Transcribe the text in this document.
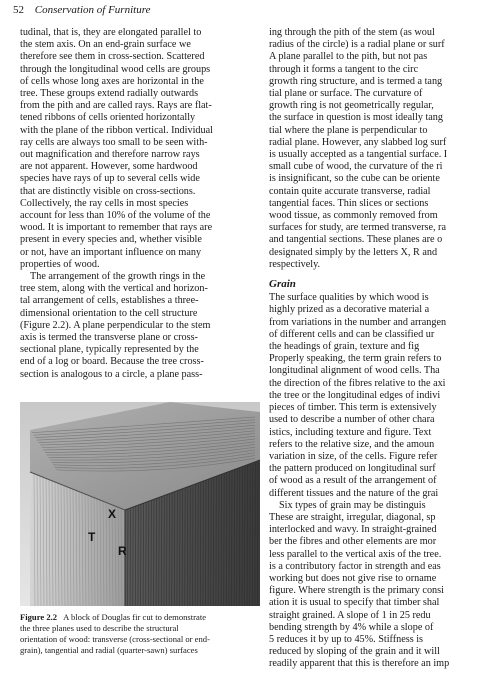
52 Conservation of Furniture

tudinal, that is, they are elongated parallel to

the stem axis. On an end-grain surface we

therefore see them in cross-section. Scattered

through the longitudinal wood cells are groups

of cells whose long axes are horizontal in the

tree. These groups extend radially outwards

from the pith and are called rays. Rays are flat-

tened ribbons of cells oriented horizontally

with the plane of the ribbon vertical. Individual

ray cells are always too small to be seen with-

out magnification and therefore narrow rays

are not apparent. However, some hardwood

species have rays of up to several cells wide

that are distinctly visible on cross-sections.

Collectively, the ray cells in most species

account for less than 10% of the volume of the

wood. It is important to remember that rays are

present in every species and, whether visible

or not, have an important influence on many

properties of wood.

The arrangement of the growth rings in the

tree stem, along with the vertical and horizon-

tal arrangement of cells, establishes a three-

dimensional orientation to the cell structure

(Figure 2.2). A plane perpendicular to the stem

axis is termed the transverse plane or cross-

sectional plane, typically represented by the

end of a log or board. Because the tree cross-

section is analogous to a circle, a plane pass-

ing through the pith of the stem (as woul

radius of the circle) is a radial plane or surf

A plane parallel to the pith, but not pas

through it forms a tangent to the circ

growth ring structure, and is termed a tang

tial plane or surface. The curvature of

growth ring is not geometrically regular,

the surface in question is most ideally tang

tial where the plane is perpendicular to

radial plane. However, any slabbed log surf

is usually accepted as a tangential surface. I

small cube of wood, the curvature of the ri

is insignificant, so the cube can be oriente

contain quite accurate transverse, radial

tangential faces. Thin slices or sections

wood tissue, as commonly removed from

surfaces for study, are termed transverse, ra

and tangential sections. These planes are o

designated simply by the letters X, R and

respectively.

Grain

The surface qualities by which wood is

highly prized as a decorative material a

from variations in the number and arrangen

of different cells and can be classified ur

the headings of grain, texture and fig

Properly speaking, the term grain refers to

longitudinal alignment of wood cells. Tha

the direction of the fibres relative to the axi

the tree or the longitudinal edges of indivi

pieces of timber. This term is extensively

used to describe a number of other chara

istics, including texture and figure. Text

refers to the relative size, and the amoun

variation in size, of the cells. Figure refer

the pattern produced on longitudinal surf

of wood as a result of the arrangement of

different tissues and the nature of the grai

Six types of grain may be distinguis

These are straight, irregular, diagonal, sp

interlocked and wavy. In straight-grained

ber the fibres and other elements are mor

less parallel to the vertical axis of the tree.

is a contributory factor in strength and eas

working but does not give rise to orname

figure. Where strength is the primary consi

ation it is usual to specify that timber shal

straight grained. A slope of 1 in 25 redu

bending strength by 4% while a slope of

5 reduces it by up to 45%. Stiffness is

reduced by sloping of the grain and it will

readily apparent that this is therefore an imp

X
T
R

Figure 2.2 A block of Douglas fir cut to demonstrate

the three planes used to describe the structural

orientation of wood: transverse (cross-sectional or end-

grain), tangential and radial (quarter-sawn) surfaces
